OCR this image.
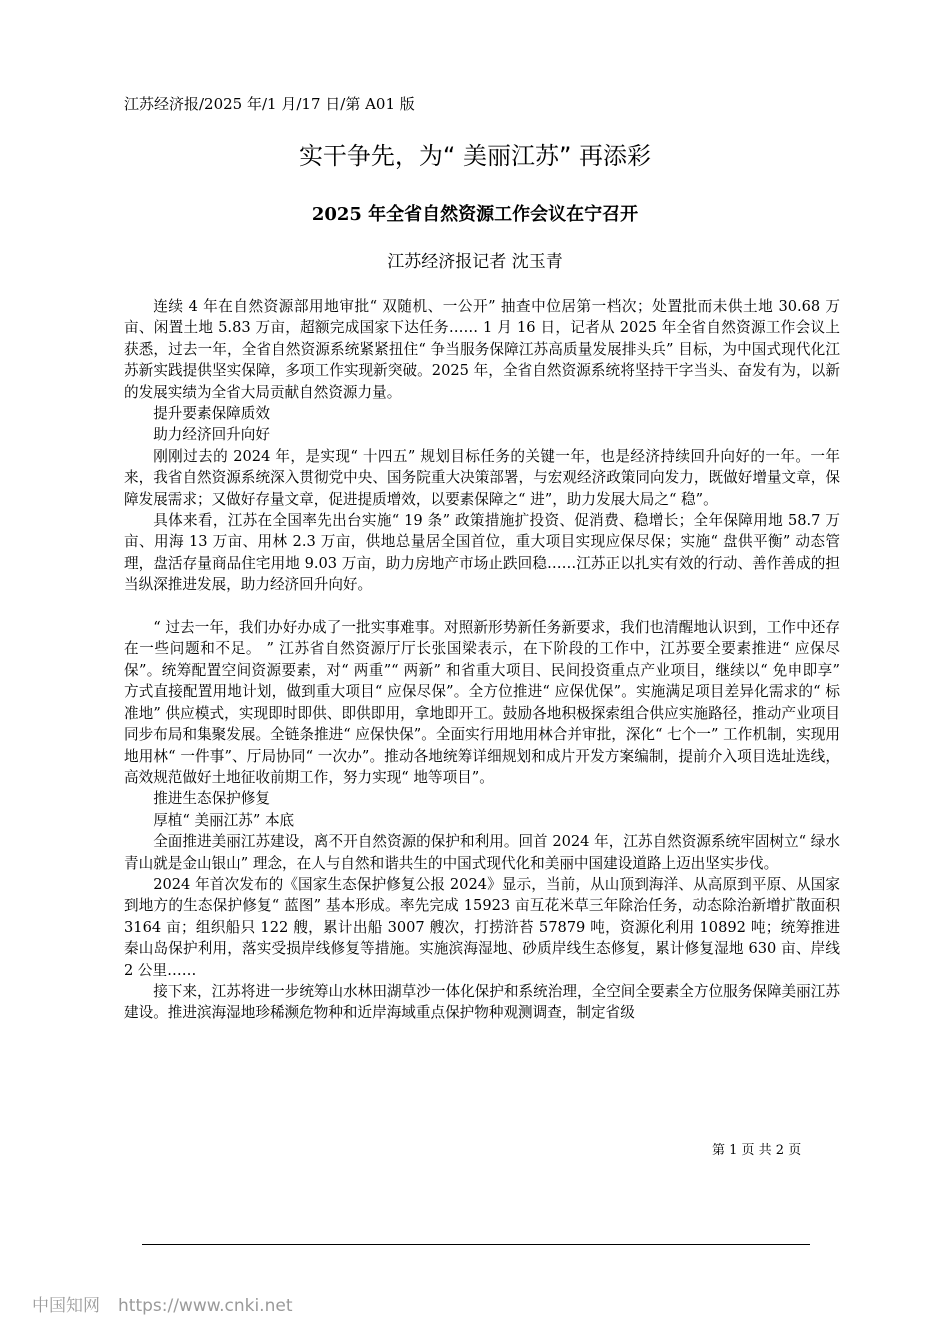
江苏经济报/2025 年/1 月/17 日/第 A01 版
实干争先，为“ 美丽江苏” 再添彩
2025 年全省自然资源工作会议在宁召开
江苏经济报记者 沈玉青

连续 4 年在自然资源部用地审批“ 双随机、一公开” 抽查中位居第一档次；处置批而未供土地 30.68 万亩、闲置土地 5.83 万亩，超额完成国家下达任务…… 1 月 16 日，记者从 2025 年全省自然资源工作会议上获悉，过去一年，全省自然资源系统紧紧扭住“ 争当服务保障江苏高质量发展排头兵” 目标，为中国式现代化江苏新实践提供坚实保障，多项工作实现新突破。2025 年，全省自然资源系统将坚持干字当头、奋发有为，以新的发展实绩为全省大局贡献自然资源力量。

提升要素保障质效

助力经济回升向好

刚刚过去的 2024 年，是实现“ 十四五” 规划目标任务的关键一年，也是经济持续回升向好的一年。一年来，我省自然资源系统深入贯彻党中央、国务院重大决策部署，与宏观经济政策同向发力，既做好增量文章，保障发展需求；又做好存量文章，促进提质增效，以要素保障之“ 进”，助力发展大局之“ 稳”。

具体来看，江苏在全国率先出台实施“ 19 条” 政策措施扩投资、促消费、稳增长；全年保障用地 58.7 万亩、用海 13 万亩、用林 2.3 万亩，供地总量居全国首位，重大项目实现应保尽保；实施“ 盘供平衡” 动态管理，盘活存量商品住宅用地 9.03 万亩，助力房地产市场止跌回稳……江苏正以扎实有效的行动、善作善成的担当纵深推进发展，助力经济回升向好。

“ 过去一年，我们办好办成了一批实事难事。对照新形势新任务新要求，我们也清醒地认识到，工作中还存在一些问题和不足。 ” 江苏省自然资源厅厅长张国梁表示，在下阶段的工作中，江苏要全要素推进“ 应保尽保”。统筹配置空间资源要素，对“ 两重”“ 两新” 和省重大项目、民间投资重点产业项目，继续以“ 免申即享” 方式直接配置用地计划，做到重大项目“ 应保尽保”。全方位推进“ 应保优保”。实施满足项目差异化需求的“ 标准地” 供应模式，实现即时即供、即供即用，拿地即开工。鼓励各地积极探索组合供应实施路径，推动产业项目同步布局和集聚发展。全链条推进“ 应保快保”。全面实行用地用林合并审批，深化“ 七个一” 工作机制，实现用地用林“ 一件事”、厅局协同“ 一次办”。推动各地统筹详细规划和成片开发方案编制，提前介入项目选址选线，高效规范做好土地征收前期工作，努力实现“ 地等项目”。

推进生态保护修复

厚植“ 美丽江苏” 本底

全面推进美丽江苏建设，离不开自然资源的保护和利用。回首 2024 年，江苏自然资源系统牢固树立“ 绿水青山就是金山银山” 理念，在人与自然和谐共生的中国式现代化和美丽中国建设道路上迈出坚实步伐。

2024 年首次发布的《国家生态保护修复公报 2024》显示，当前，从山顶到海洋、从高原到平原、从国家到地方的生态保护修复“ 蓝图” 基本形成。率先完成 15923 亩互花米草三年除治任务，动态除治新增扩散面积 3164 亩；组织船只 122 艘，累计出船 3007 艘次，打捞浒苔 57879 吨，资源化利用 10892 吨；统筹推进秦山岛保护利用，落实受损岸线修复等措施。实施滨海湿地、砂质岸线生态修复，累计修复湿地 630 亩、岸线 2 公里……

接下来，江苏将进一步统筹山水林田湖草沙一体化保护和系统治理，全空间全要素全方位服务保障美丽江苏建设。推进滨海湿地珍稀濒危物种和近岸海域重点保护物种观测调查，制定省级

第 1 页 共 2 页
中国知网 https://www.cnki.net
